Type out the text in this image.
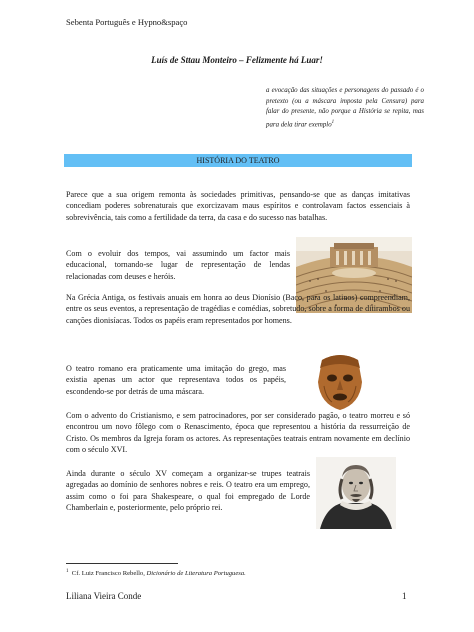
Sebenta Português e Hypno&spaço
Luís de Sttau Monteiro – Felizmente há Luar!
a evocação das situações e personagens do passado é o pretexto (ou a máscara imposta pela Censura) para falar do presente, não porque a História se repita, mas para dela tirar exemplo$^1$
HISTÓRIA DO TEATRO

Parece que a sua origem remonta às sociedades primitivas, pensando-se que as danças imitativas concediam poderes sobrenaturais que exorcizavam maus espíritos e controlavam factos essenciais à sobrevivência, tais como a fertilidade da terra, da casa e do sucesso nas batalhas.

Com o evoluir dos tempos, vai assumindo um factor mais educacional, tornando-se lugar de representação de lendas relacionadas com deuses e heróis.

Na Grécia Antiga, os festivais anuais em honra ao deus Dionísio (Baco, para os latinos) compreendiam, entre os seus eventos, a representação de tragédias e comédias, sobretudo, sobre a forma de ditirambos ou canções dionisíacas. Todos os papéis eram representados por homens.

O teatro romano era praticamente uma imitação do grego, mas existia apenas um actor que representava todos os papéis, escondendo-se por detrás de uma máscara.

Com o advento do Cristianismo, e sem patrocinadores, por ser considerado pagão, o teatro morreu e só encontrou um novo fôlego com o Renascimento, época que representou a história da ressurreição de Cristo. Os membros da Igreja foram os actores. As representações teatrais entram novamente em declínio com o século XVI.

Ainda durante o século XV começam a organizar-se trupes teatrais agregadas ao domínio de senhores nobres e reis. O teatro era um emprego, assim como o foi para Shakespeare, o qual foi empregado de Lorde Chamberlain e, posteriormente, pelo próprio rei.

$^1$ Cf. Luiz Francisco Rebello, Dicionário de Literatura Portuguesa.
Liliana Vieira Conde	1
